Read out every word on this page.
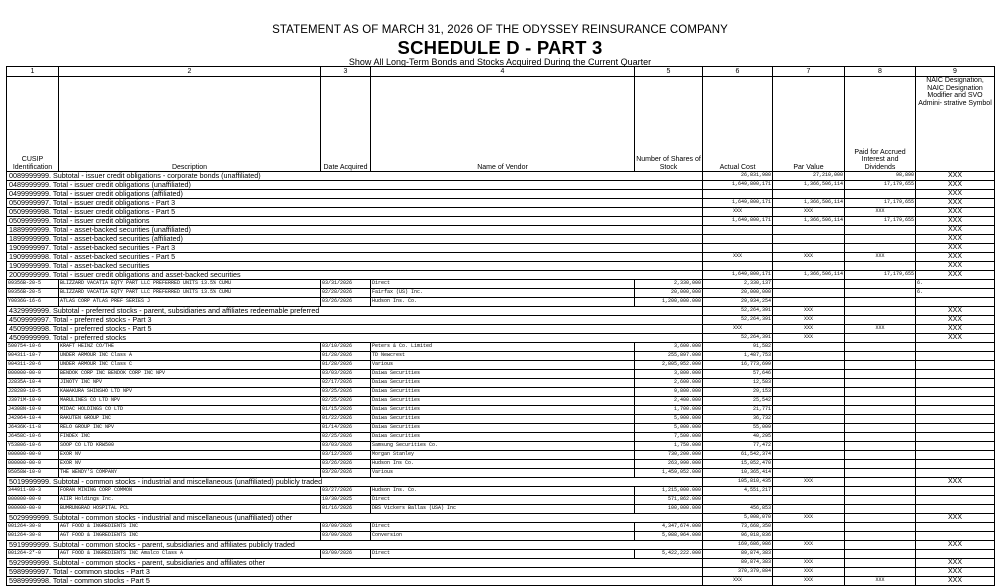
STATEMENT AS OF MARCH 31, 2026 OF THE ODYSSEY REINSURANCE COMPANY
SCHEDULE D - PART 3
Show All Long-Term Bonds and Stocks Acquired During the Current Quarter
1	2	3	4	5	6	7	8	9
CUSIP Identification	Description	Date Acquired	Name of Vendor	Number of Shares of Stock	Actual Cost	Par Value	Paid for Accrued Interest and Dividends	NAIC Designation, NAIC Designation Modifier and SVO Admini- strative Symbol
0089999999. Subtotal - issuer credit obligations - corporate bonds (unaffiliated)					26,831,980	27,210,000	98,890	XXX
0489999999. Total - issuer credit obligations (unaffiliated)					1,649,800,171	1,366,506,114	17,179,655	XXX
0499999999. Total - issuer credit obligations (affiliated)								XXX
0509999997. Total - issuer credit obligations - Part 3					1,649,800,171	1,366,506,114	17,179,655	XXX
0509999998. Total - issuer credit obligations - Part 5					XXX	XXX	XXX	XXX
0509999999. Total - issuer credit obligations					1,649,800,171	1,366,506,114	17,179,655	XXX
1889999999. Total - asset-backed securities (unaffiliated)								XXX
1899999999. Total - asset-backed securities (affiliated)								XXX
1909999997. Total - asset-backed securities - Part 3								XXX
1909999998. Total - asset-backed securities - Part 5					XXX	XXX	XXX	XXX
1909999999. Total - asset-backed securities								XXX
2009999999. Total - issuer credit obligations and asset-backed securities					1,649,800,171	1,366,506,114	17,179,655	XXX
09356B-20-5	BLIZZARD VACATIA EQTY PART LLC PREFERRED UNITS 13.5% CUMU	03/31/2026	Direct	2,330,000	2,330,137			6.
09356B-20-5	BLIZZARD VACATIA EQTY PART LLC PREFERRED UNITS 13.5% CUMU	02/28/2026	Fairfax (US) Inc.	20,000,000	20,000,000			6.
Y0036G-16-6	ATLAS CORP ATLAS PREF SERIES J	03/26/2026	Hudson Ins. Co.	1,200,000.000	29,934,254			
4329999999. Subtotal - preferred stocks - parent, subsidiaries and affiliates redeemable preferred					52,264,391	XXX		XXX
4509999997. Total - preferred stocks - Part 3					52,264,391	XXX		XXX
4509999998. Total - preferred stocks - Part 5					XXX	XXX	XXX	XXX
4509999999. Total - preferred stocks					52,264,391	XXX		XXX
500754-10-6	KRAFT HEINZ CO/THE	03/10/2026	Peters & Co. Limited	3,600.000	91,582			
904311-10-7	UNDER ARMOUR INC Class A	01/28/2026	TD Newcrest	255,897.000	1,487,753			
904311-20-6	UNDER ARMOUR INC Class C	01/28/2026	Various	2,805,952.000	16,773,699			
000000-00-0	BENDOK CORP INC BENDOK CORP INC NPV	03/03/2026	Daiwa Securities	3,800.000	57,646			
J2835A-10-4	JINOTY INC NPV	02/17/2026	Daiwa Securities	2,600.000	12,583			
J28289-10-5	KAWAKURA SHINSHO LTD NPV	03/25/2026	Daiwa Securities	9,800.000	29,153			
J3971M-10-0	MARULINES CO LTD NPV	02/25/2026	Daiwa Securities	2,400.000	25,542			
J4308N-10-0	MIDAC HOLDINGS CO LTD	01/15/2026	Daiwa Securities	1,700.000	21,771			
J42964-10-4	RAKUTEN GROUP INC	01/22/2026	Daiwa Securities	5,900.000	36,732			
J6436K-11-8	RELO GROUP INC NPV	01/14/2026	Daiwa Securities	5,000.000	55,009			
J6458C-10-6	FINDEX INC	02/25/2026	Daiwa Securities	7,500.000	40,295			
Y53806-10-6	SOOP CO LTD KRW500	03/03/2026	Samsung Securities Co.	1,750.000	77,472			
000000-00-0	EXOR NV	03/12/2026	Morgan Stanley	730,200.000	61,542,374			
000000-00-0	EXOR NV	03/26/2026	Hudson Ins Co.	263,990.000	15,052,470			
95058W-10-0	THE WENDY'S COMPANY	03/20/2026	Various	1,459,052.000	10,365,414			
5019999999. Subtotal - common stocks - industrial and miscellaneous (unaffiliated) publicly traded					105,810,435	XXX		XXX
344911-09-3	FORAN MINING CORP COMMON	03/27/2026	Hudson Ins. Co.	1,215,000.000	4,551,217			
000000-00-0	AIIR Holdings Inc.	10/30/2025	Direct	571,862.000				
000000-00-0	BUMRUNGRAD HOSPITAL PCL	01/16/2026	DBS Vickers Ballas (USA) Inc	100,000.000	456,853			
5029999999. Subtotal - common stocks - industrial and miscellaneous (unaffiliated) other					5,008,070	XXX		XXX
001264-30-8	AGT FOOD & INGREDIENTS INC	03/09/2026	Direct	4,347,674.000	73,668,350			
001264-30-8	AGT FOOD & INGREDIENTS INC	03/09/2026	Conversion	5,988,964.000	96,018,836			
5919999999. Subtotal - common stocks - parent, subsidiaries and affiliates publicly traded					169,686,986	XXX		XXX
001264-2*-0	AGT FOOD & INGREDIENTS INC Amalco Class A	03/09/2026	Direct	5,422,222.000	89,874,383			
5929999999. Subtotal - common stocks - parent, subsidiaries and affiliates other					89,874,383	XXX		XXX
5989999997. Total - common stocks - Part 3					370,379,884	XXX		XXX
5989999998. Total - common stocks - Part 5					XXX	XXX	XXX	XXX
